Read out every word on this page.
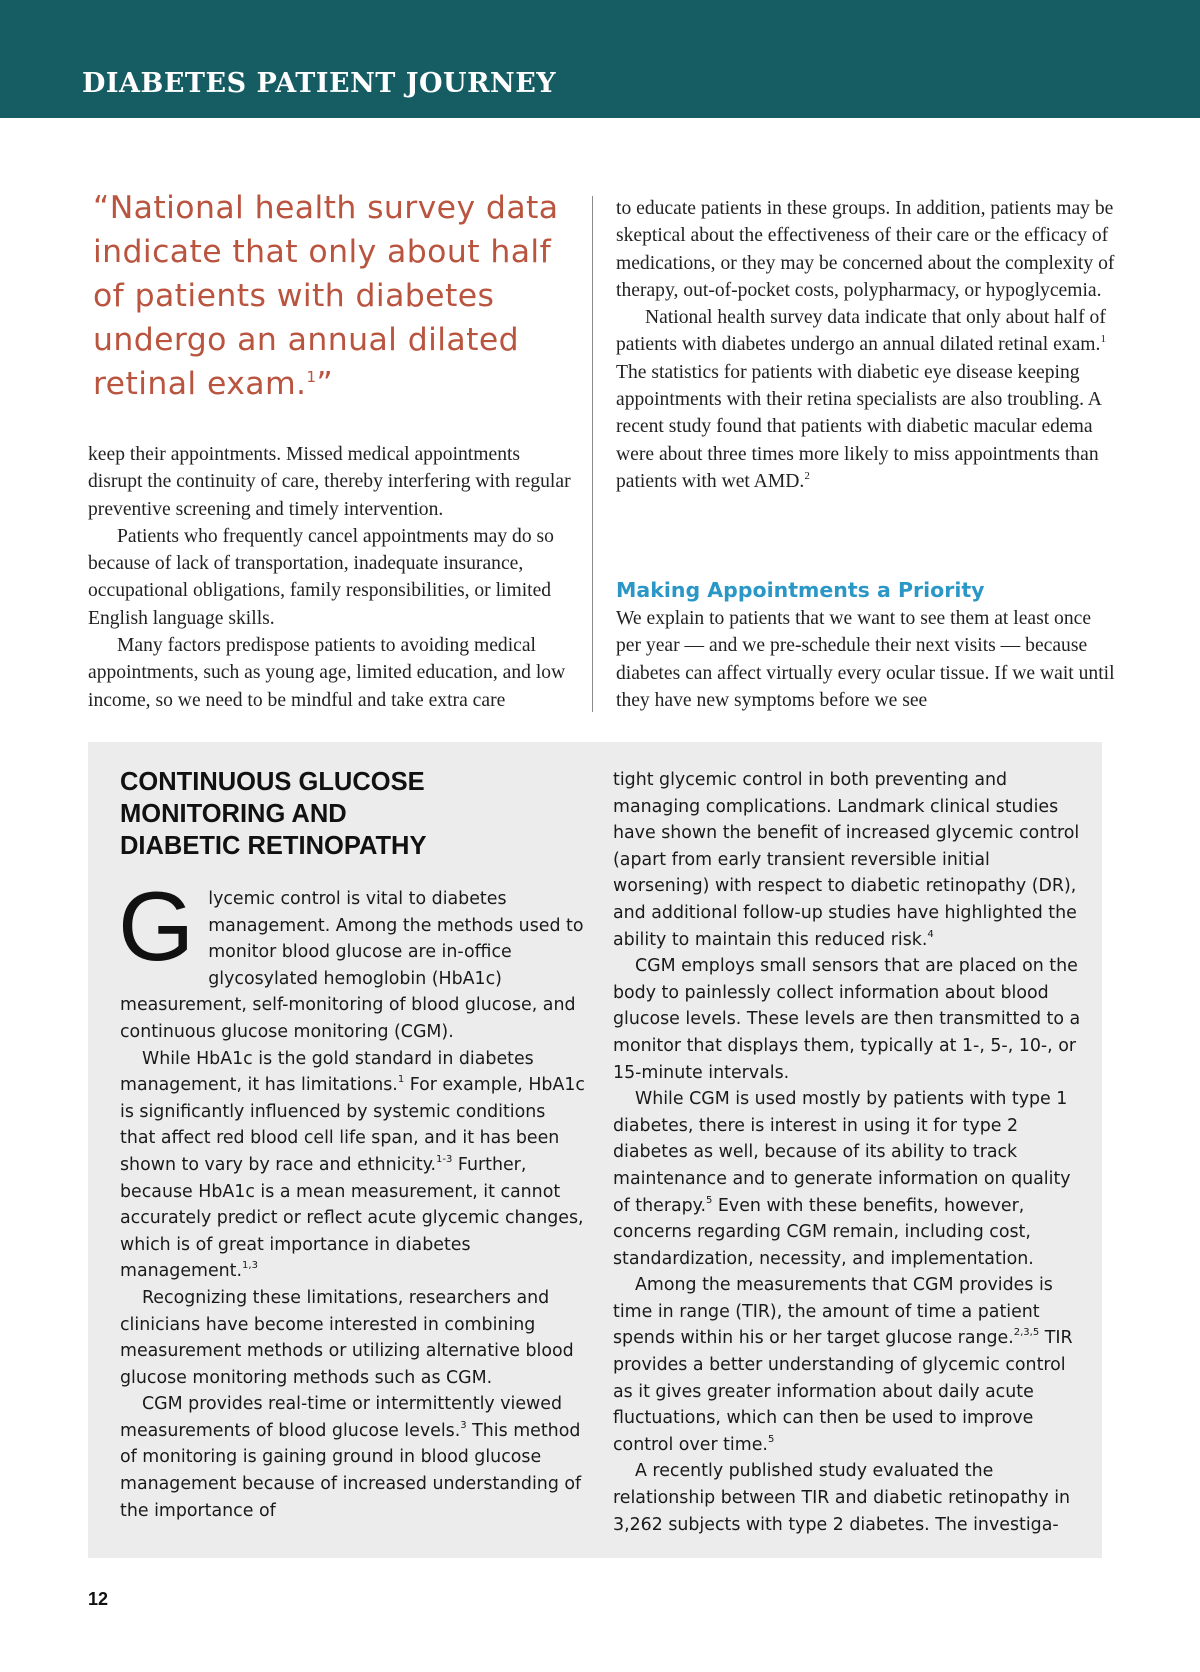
DIABETES PATIENT JOURNEY
“National health survey data indicate that only about half of patients with diabetes undergo an annual dilated retinal exam.$^1$”

keep their appointments. Missed medical appointments disrupt the continuity of care, thereby interfering with regular preventive screening and timely intervention.

Patients who frequently cancel appointments may do so because of lack of transportation, inadequate insurance, occupational obligations, family responsibilities, or limited English language skills.

Many factors predispose patients to avoiding medical appointments, such as young age, limited education, and low income, so we need to be mindful and take extra care

to educate patients in these groups. In addition, patients may be skeptical about the effectiveness of their care or the efficacy of medications, or they may be concerned about the complexity of therapy, out-of-pocket costs, polypharmacy, or hypoglycemia.

National health survey data indicate that only about half of patients with diabetes undergo an annual dilated retinal exam.$^1$ The statistics for patients with diabetic eye disease keeping appointments with their retina specialists are also troubling. A recent study found that patients with diabetic macular edema were about three times more likely to miss appointments than patients with wet AMD.$^2$

Making Appointments a Priority

We explain to patients that we want to see them at least once per year — and we pre-schedule their next visits — because diabetes can affect virtually every ocular tissue. If we wait until they have new symptoms before we see

CONTINUOUS GLUCOSE
MONITORING AND
DIABETIC RETINOPATHY

Glycemic control is vital to diabetes management. Among the methods used to monitor blood glucose are in-office glycosylated hemoglobin (HbA1c) measurement, self-monitoring of blood glucose, and continuous glucose monitoring (CGM).

While HbA1c is the gold standard in diabetes management, it has limitations.$^1$ For example, HbA1c is significantly influenced by systemic conditions that affect red blood cell life span, and it has been shown to vary by race and ethnicity.$^{1-3}$ Further, because HbA1c is a mean measurement, it cannot accurately predict or reflect acute glycemic changes, which is of great importance in diabetes management.$^{1,3}$

Recognizing these limitations, researchers and clinicians have become interested in combining measurement methods or utilizing alternative blood glucose monitoring methods such as CGM.

CGM provides real-time or intermittently viewed measurements of blood glucose levels.$^3$ This method of monitoring is gaining ground in blood glucose management because of increased understanding of the importance of

tight glycemic control in both preventing and managing complications. Landmark clinical studies have shown the benefit of increased glycemic control (apart from early transient reversible initial worsening) with respect to diabetic retinopathy (DR), and additional follow-up studies have highlighted the ability to maintain this reduced risk.$^4$

CGM employs small sensors that are placed on the body to painlessly collect information about blood glucose levels. These levels are then transmitted to a monitor that displays them, typically at 1-, 5-, 10-, or 15-minute intervals.

While CGM is used mostly by patients with type 1 diabetes, there is interest in using it for type 2 diabetes as well, because of its ability to track maintenance and to generate information on quality of therapy.$^5$ Even with these benefits, however, concerns regarding CGM remain, including cost, standardization, necessity, and implementation.

Among the measurements that CGM provides is time in range (TIR), the amount of time a patient spends within his or her target glucose range.$^{2,3,5}$ TIR provides a better understanding of glycemic control as it gives greater information about daily acute fluctuations, which can then be used to improve control over time.$^5$

A recently published study evaluated the relationship between TIR and diabetic retinopathy in 3,262 subjects with type 2 diabetes. The investiga-

12
